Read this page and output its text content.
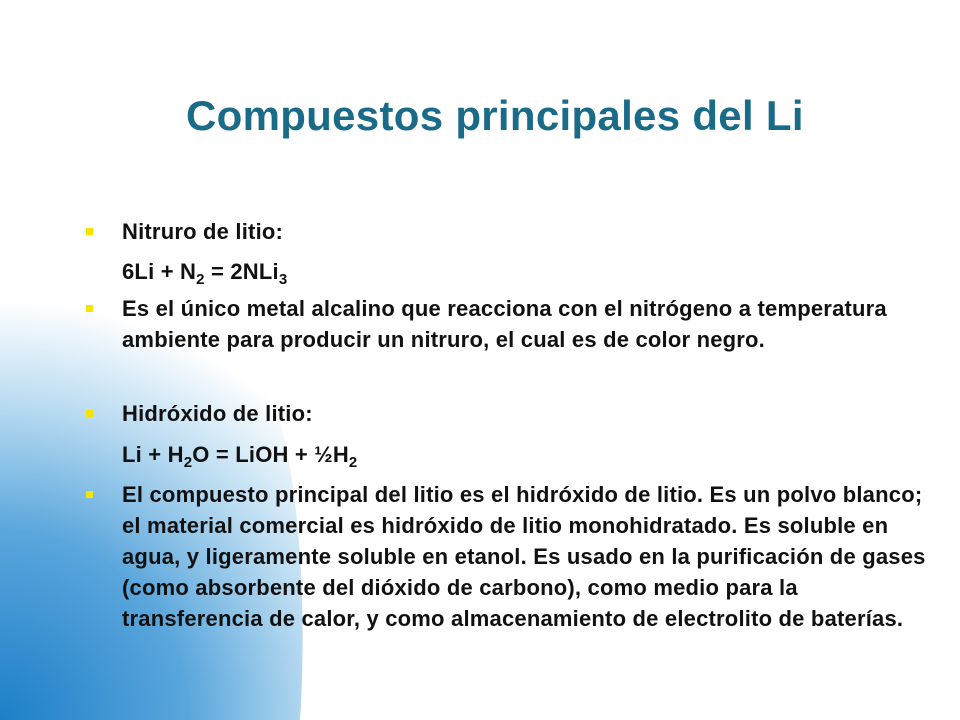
Compuestos principales del Li
Nitruro de litio:
$6Li + N_2 = 2NLi_3$
Es el único metal alcalino que reacciona con el nitrógeno a temperatura ambiente para producir un nitruro, el cual es de color negro.
Hidróxido de litio:
$Li + H_2O$ = LiOH + $\frac{1}{2}H_2$
El compuesto principal del litio es el hidróxido de litio. Es un polvo blanco; el material comercial es hidróxido de litio monohidratado. Es soluble en agua, y ligeramente soluble en etanol. Es usado en la purificación de gases (como absorbente del dióxido de carbono), como medio para la transferencia de calor, y como almacenamiento de electrolito de baterías.
